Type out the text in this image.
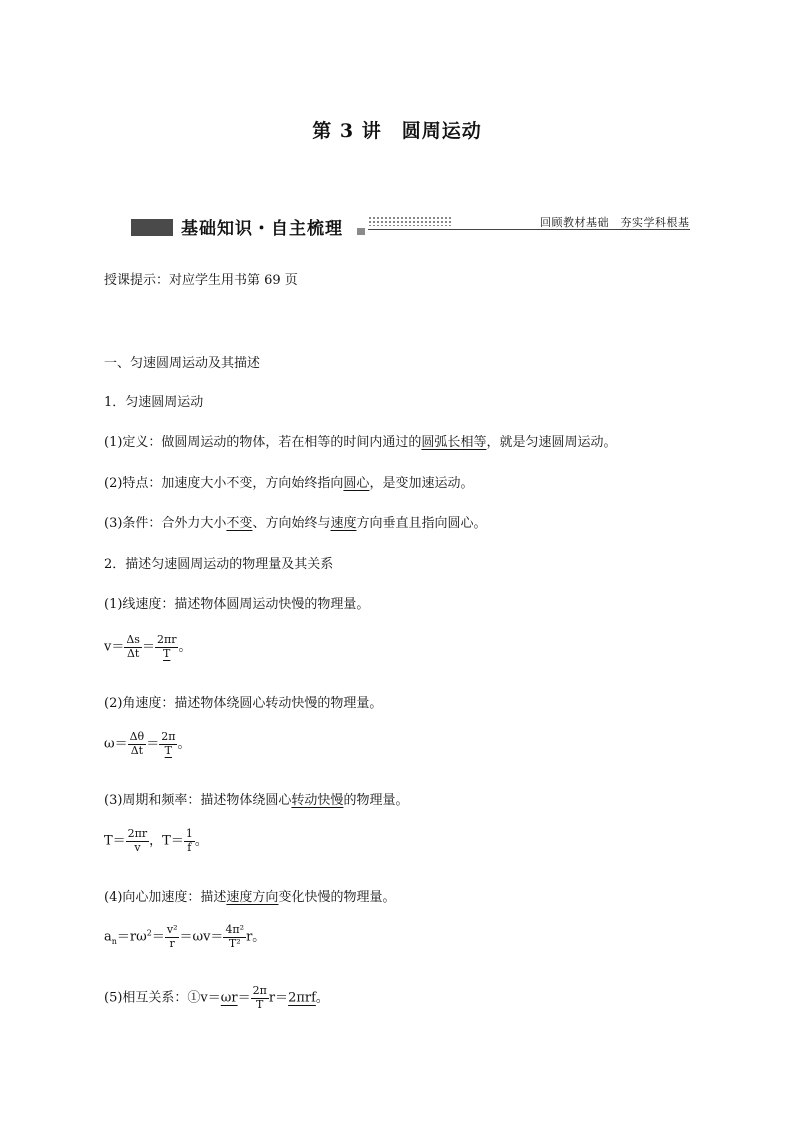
第 3 讲　圆周运动
基础知识・自主梳理	回顾教材基础　夯实学科根基
授课提示：对应学生用书第 69 页
一、匀速圆周运动及其描述
1．匀速圆周运动
(1)定义：做圆周运动的物体，若在相等的时间内通过的圆弧长相等，就是匀速圆周运动。
(2)特点：加速度大小不变，方向始终指向圆心，是变加速运动。
(3)条件：合外力大小不变、方向始终与速度方向垂直且指向圆心。
2．描述匀速圆周运动的物理量及其关系
(1)线速度：描述物体圆周运动快慢的物理量。
$v= \frac{\Delta s}{\Delta t} = \frac{2\pi r}{T}$ 。
(2)角速度：描述物体绕圆心转动快慢的物理量。
$\omega= \frac{\Delta\theta}{\Delta t} = \frac{2\pi}{T}$ 。
(3)周期和频率：描述物体绕圆心转动快慢的物理量。
$T= \frac{2\pi r}{v}$ ，$T= \frac{1}{f}$ 。
(4)向心加速度：描述速度方向变化快慢的物理量。
$a_n=r\omega^2= \frac{\text{v²}}{r} =\omega v= \frac{\text{4π²}}{\text{T²}}$ r。
(5)相互关系：①v＝ωr＝ $\frac{2\pi}{T} r=2\pi rf$。
